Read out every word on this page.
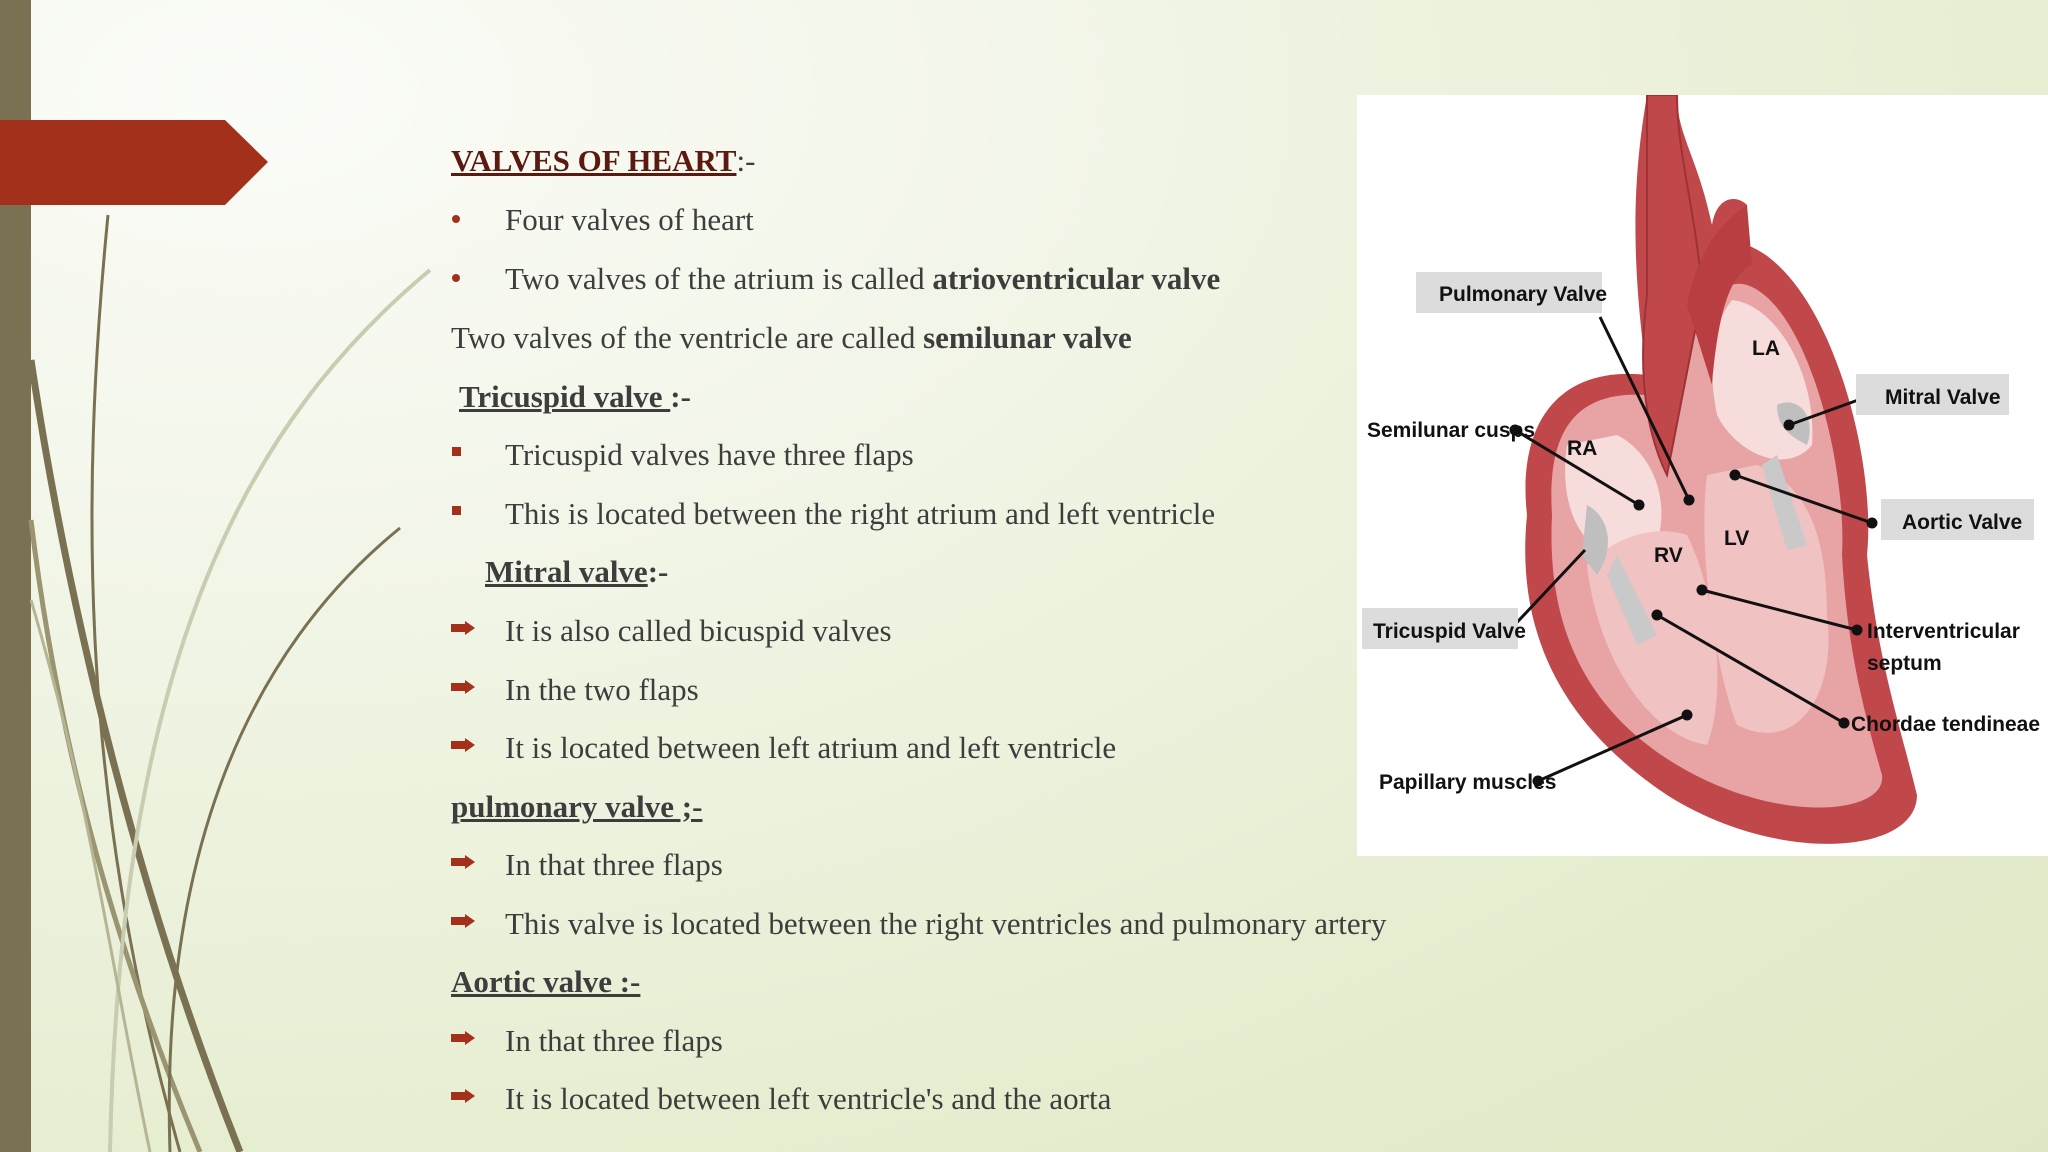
VALVES OF HEART:-
Four valves of heart
Two valves of the atrium is called atrioventricular valve
Two valves of the ventricle are called semilunar valve
Tricuspid valve :-
Tricuspid valves have three flaps
This is located between the right atrium and left ventricle
Mitral valve:-
It is also called bicuspid valves
In the two flaps
It is located between left atrium and left ventricle
pulmonary valve ;-
In that three flaps
This valve is located between the right ventricles and pulmonary artery
Aortic valve :-
In that three flaps
It is located between left ventricle's and the aorta
Pulmonary Valve
Semilunar cusps
Mitral Valve
Aortic Valve
Tricuspid Valve	Interventricular
septum
Chordae tendineae
Papillary muscles
LA
RA
RV
LV
